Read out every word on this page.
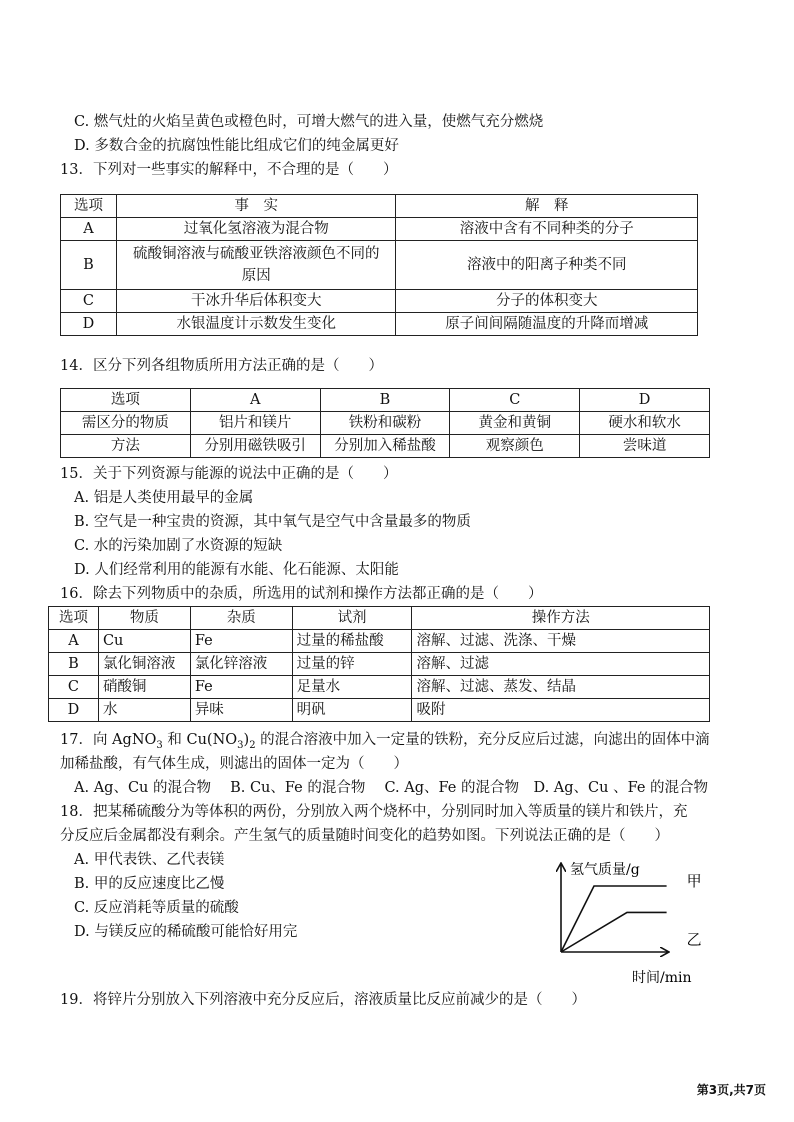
C. 燃气灶的火焰呈黄色或橙色时，可增大燃气的进入量，使燃气充分燃烧
D. 多数合金的抗腐蚀性能比组成它们的纯金属更好
13．下列对一些事实的解释中，不合理的是（　　）
选项	事　实	解　释
A	过氧化氢溶液为混合物	溶液中含有不同种类的分子
B	硫酸铜溶液与硫酸亚铁溶液颜色不同的原因	溶液中的阳离子种类不同
C	干冰升华后体积变大	分子的体积变大
D	水银温度计示数发生变化	原子间间隔随温度的升降而增减
14．区分下列各组物质所用方法正确的是（　　）
选项	A	B	C	D
需区分的物质	铝片和镁片	铁粉和碳粉	黄金和黄铜	硬水和软水
方法	分别用磁铁吸引	分别加入稀盐酸	观察颜色	尝味道
15．关于下列资源与能源的说法中正确的是（　　）
A. 铝是人类使用最早的金属
B. 空气是一种宝贵的资源，其中氧气是空气中含量最多的物质
C. 水的污染加剧了水资源的短缺
D. 人们经常利用的能源有水能、化石能源、太阳能
16．除去下列物质中的杂质，所选用的试剂和操作方法都正确的是（　　）
选项	物质	杂质	试剂	操作方法
A	Cu	Fe	过量的稀盐酸	溶解、过滤、洗涤、干燥
B	氯化铜溶液	氯化锌溶液	过量的锌	溶解、过滤
C	硝酸铜	Fe	足量水	溶解、过滤、蒸发、结晶
D	水	异味	明矾	吸附
17．向 AgNO$_3$ 和 $Cu(NO_3)_2$ 的混合溶液中加入一定量的铁粉，充分反应后过滤，向滤出的固体中滴
加稀盐酸，有气体生成，则滤出的固体一定为（　　）
A. Ag、Cu 的混合物　 B. Cu、Fe 的混合物　 C. Ag、Fe 的混合物　D. Ag、Cu 、Fe 的混合物
18．把某稀硫酸分为等体积的两份，分别放入两个烧杯中，分别同时加入等质量的镁片和铁片，充
分反应后金属都没有剩余。产生氢气的质量随时间变化的趋势如图。下列说法正确的是（　　）
A. 甲代表铁、乙代表镁
B. 甲的反应速度比乙慢
C. 反应消耗等质量的硫酸
D. 与镁反应的稀硫酸可能恰好用完
氢气质量/g
时间/min
甲
乙
19．将锌片分别放入下列溶液中充分反应后，溶液质量比反应前减少的是（　　）
第3页,共7页
